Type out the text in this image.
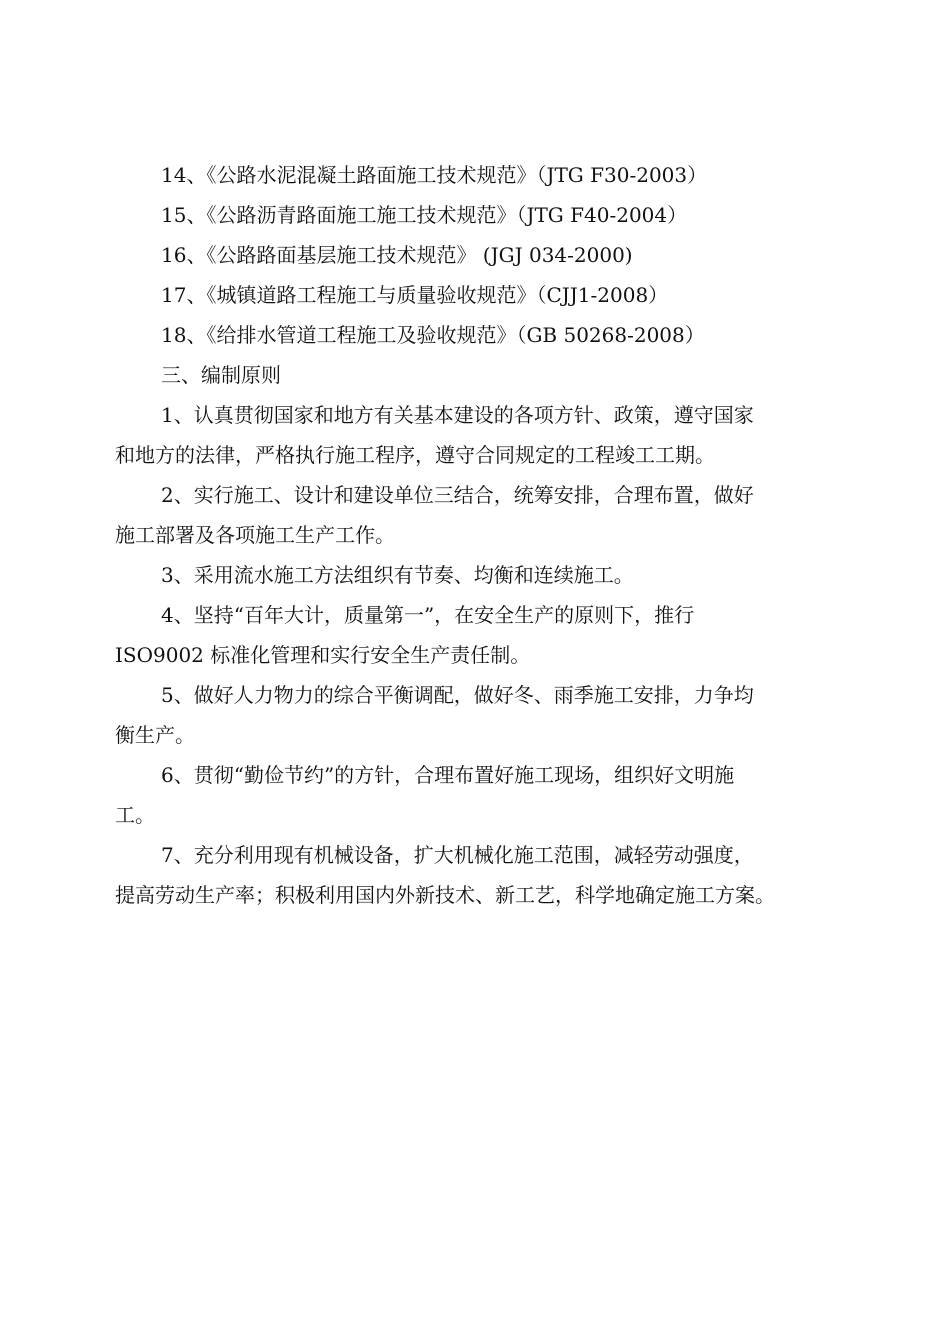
14、《公路水泥混凝土路面施工技术规范》（JTG F30-2003）
15、《公路沥青路面施工施工技术规范》（JTG F40-2004）
16、《公路路面基层施工技术规范》 (JGJ 034-2000)
17、《城镇道路工程施工与质量验收规范》（CJJ1-2008）
18、《给排水管道工程施工及验收规范》（GB 50268-2008）
三、编制原则
1、认真贯彻国家和地方有关基本建设的各项方针、政策，遵守国家
和地方的法律，严格执行施工程序，遵守合同规定的工程竣工工期。
2、实行施工、设计和建设单位三结合，统筹安排，合理布置，做好
施工部署及各项施工生产工作。
3、采用流水施工方法组织有节奏、均衡和连续施工。
4、坚持“百年大计，质量第一”，在安全生产的原则下，推行
ISO9002 标准化管理和实行安全生产责任制。
5、做好人力物力的综合平衡调配，做好冬、雨季施工安排，力争均
衡生产。
6、贯彻“勤俭节约”的方针，合理布置好施工现场，组织好文明施
工。
7、充分利用现有机械设备，扩大机械化施工范围，减轻劳动强度，
提高劳动生产率；积极利用国内外新技术、新工艺，科学地确定施工方案。
